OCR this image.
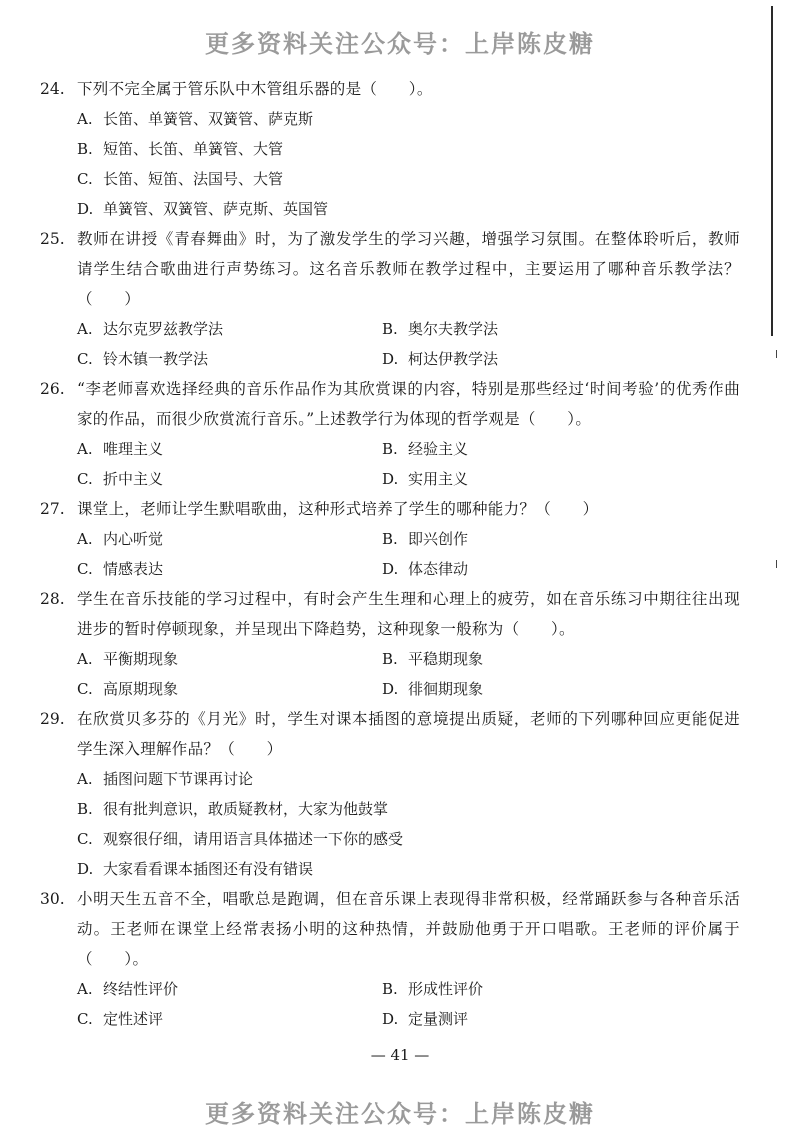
更多资料关注公众号：上岸陈皮糖
24. 下列不完全属于管乐队中木管组乐器的是（　　）。
A. 长笛、单簧管、双簧管、萨克斯
B. 短笛、长笛、单簧管、大管
C. 长笛、短笛、法国号、大管
D. 单簧管、双簧管、萨克斯、英国管
25. 教师在讲授《青春舞曲》时，为了激发学生的学习兴趣，增强学习氛围。在整体聆听后，教师请学生结合歌曲进行声势练习。这名音乐教师在教学过程中，主要运用了哪种音乐教学法？（　　）
A. 达尔克罗兹教学法	B. 奥尔夫教学法
C. 铃木镇一教学法	D. 柯达伊教学法
26. “李老师喜欢选择经典的音乐作品作为其欣赏课的内容，特别是那些经过‘时间考验’的优秀作曲家的作品，而很少欣赏流行音乐。”上述教学行为体现的哲学观是（　　）。
A. 唯理主义	B. 经验主义
C. 折中主义	D. 实用主义
27. 课堂上，老师让学生默唱歌曲，这种形式培养了学生的哪种能力？（　　）
A. 内心听觉	B. 即兴创作
C. 情感表达	D. 体态律动
28. 学生在音乐技能的学习过程中，有时会产生生理和心理上的疲劳，如在音乐练习中期往往出现进步的暂时停顿现象，并呈现出下降趋势，这种现象一般称为（　　）。
A. 平衡期现象	B. 平稳期现象
C. 高原期现象	D. 徘徊期现象
29. 在欣赏贝多芬的《月光》时，学生对课本插图的意境提出质疑，老师的下列哪种回应更能促进学生深入理解作品？（　　）
A. 插图问题下节课再讨论
B. 很有批判意识，敢质疑教材，大家为他鼓掌
C. 观察很仔细，请用语言具体描述一下你的感受
D. 大家看看课本插图还有没有错误
30. 小明天生五音不全，唱歌总是跑调，但在音乐课上表现得非常积极，经常踊跃参与各种音乐活动。王老师在课堂上经常表扬小明的这种热情，并鼓励他勇于开口唱歌。王老师的评价属于（　　）。
A. 终结性评价	B. 形成性评价
C. 定性述评	D. 定量测评
— 41 —
更多资料关注公众号：上岸陈皮糖
